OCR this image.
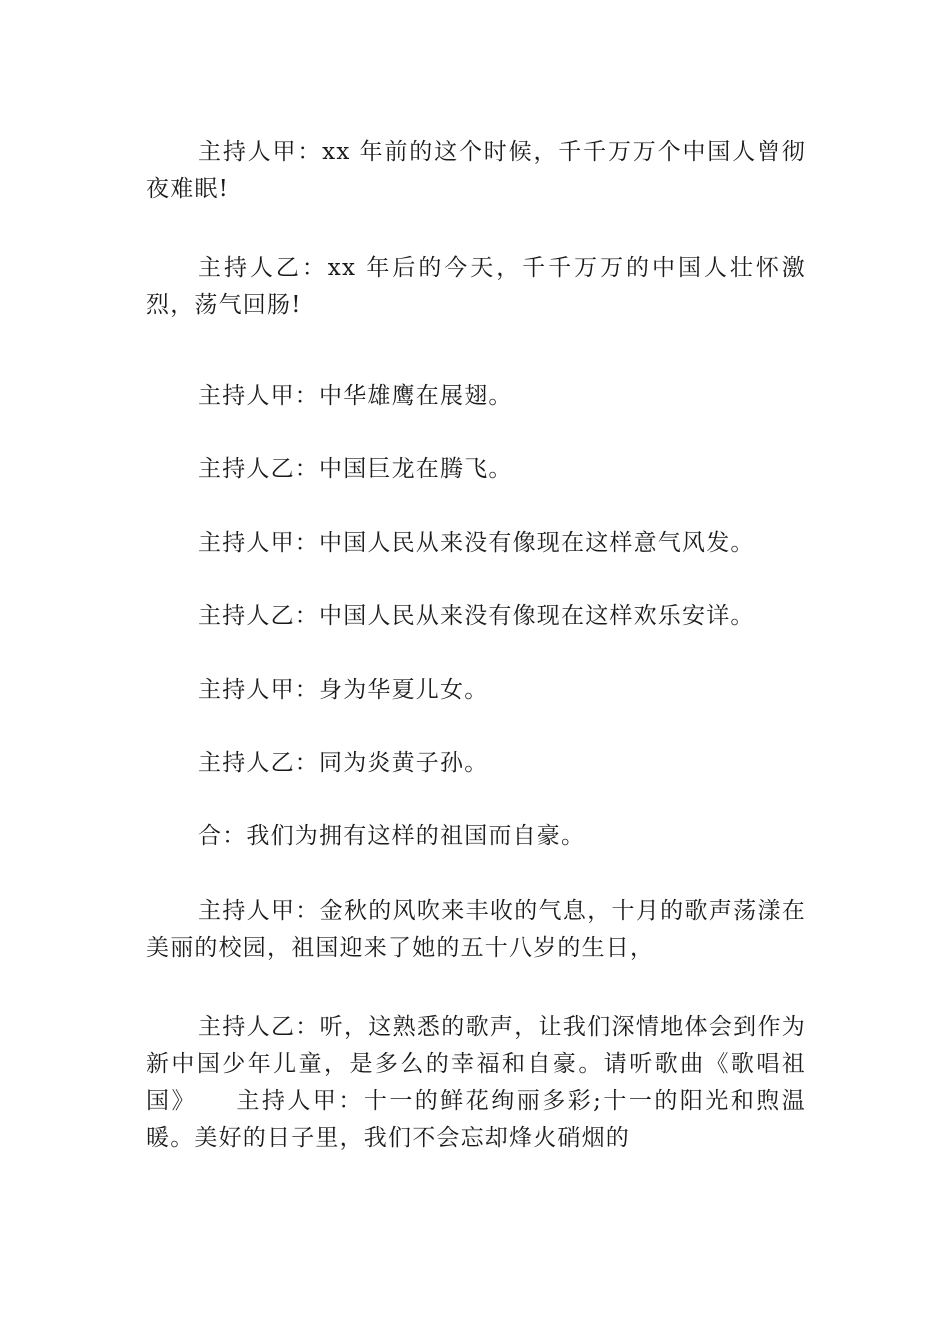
主持人甲：xx 年前的这个时候，千千万万个中国人曾彻夜难眠!

主持人乙：xx 年后的今天，千千万万的中国人壮怀激烈，荡气回肠!

主持人甲：中华雄鹰在展翅。

主持人乙：中国巨龙在腾飞。

主持人甲：中国人民从来没有像现在这样意气风发。

主持人乙：中国人民从来没有像现在这样欢乐安详。

主持人甲：身为华夏儿女。

主持人乙：同为炎黄子孙。

合：我们为拥有这样的祖国而自豪。

主持人甲：金秋的风吹来丰收的气息，十月的歌声荡漾在美丽的校园，祖国迎来了她的五十八岁的生日，

主持人乙：听，这熟悉的歌声，让我们深情地体会到作为新中国少年儿童，是多么的幸福和自豪。请听歌曲《歌唱祖国》　　主持人甲：十一的鲜花绚丽多彩;十一的阳光和煦温暖。美好的日子里，我们不会忘却烽火硝烟的
